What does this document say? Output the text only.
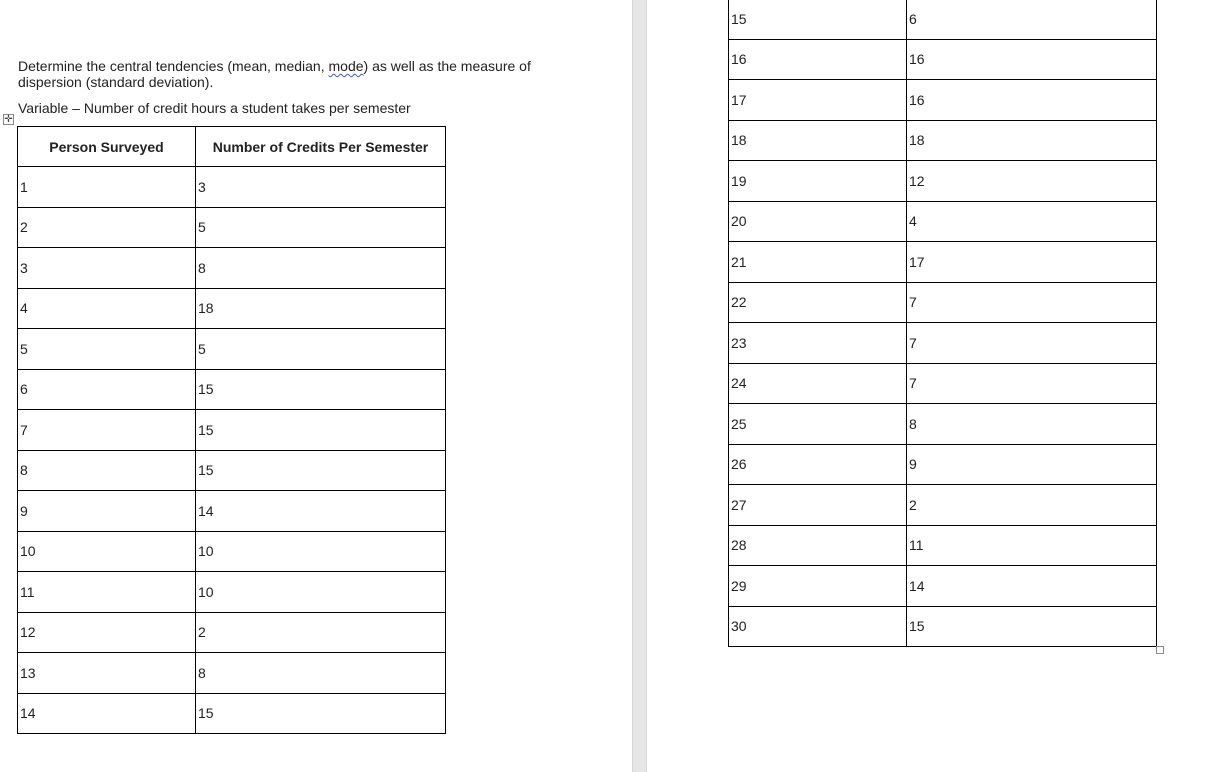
Determine the central tendencies (mean, median, mode) as well as the measure of dispersion (standard deviation).
Variable – Number of credit hours a student takes per semester
✛
Person Surveyed	Number of Credits Per Semester
1	3
2	5
3	8
4	18
5	5
6	15
7	15
8	15
9	14
10	10
11	10
12	2
13	8
14	15
15	6
16	16
17	16
18	18
19	12
20	4
21	17
22	7
23	7
24	7
25	8
26	9
27	2
28	11
29	14
30	15
